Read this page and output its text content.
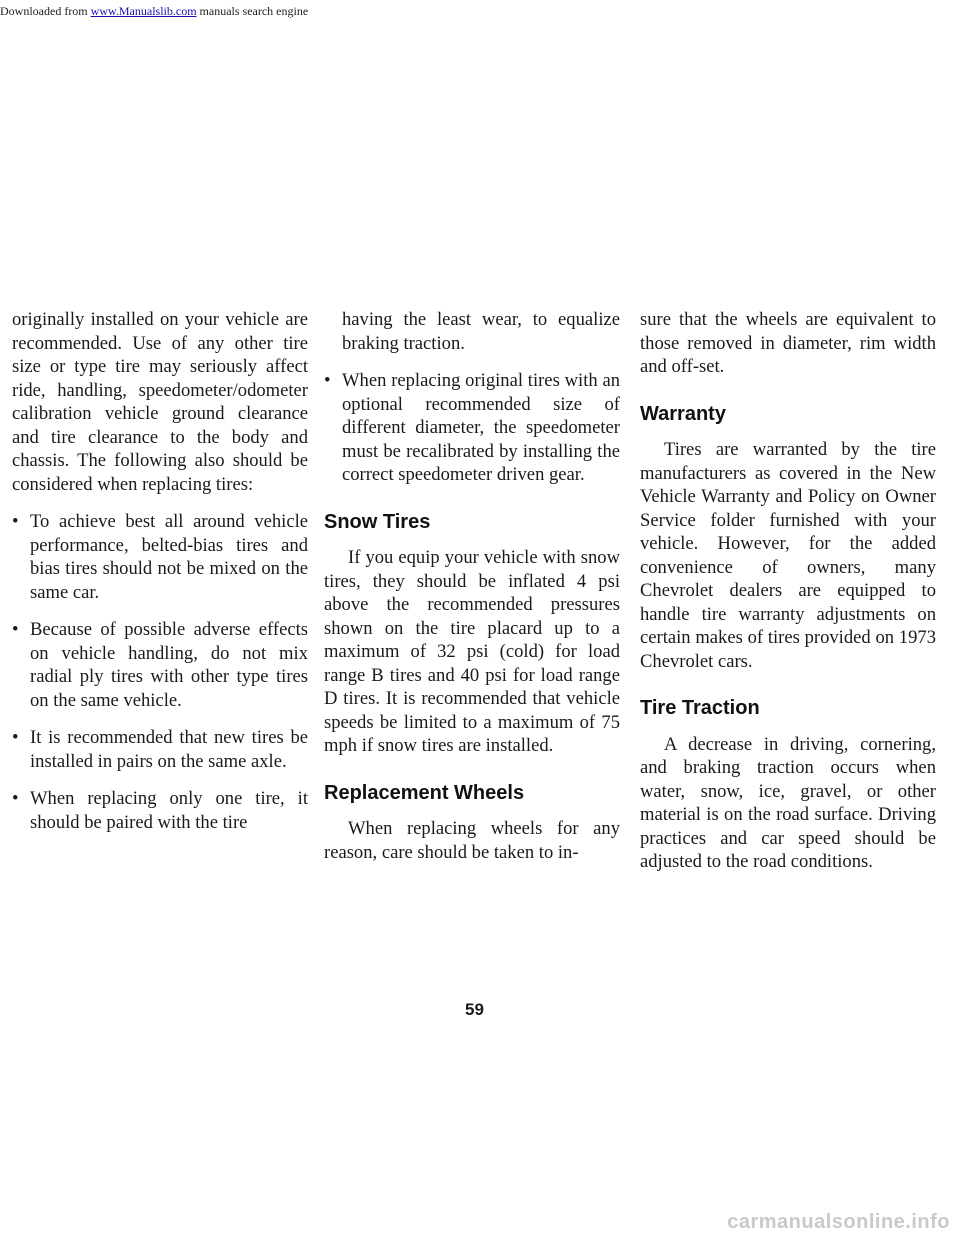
Downloaded from www.Manualslib.com manuals search engine

originally installed on your vehicle are recommended. Use of any other tire size or type tire may seriously affect ride, handling, speedometer/odometer calibration vehicle ground clearance and tire clearance to the body and chassis. The following also should be considered when replacing tires:

• To achieve best all around vehicle performance, belted-bias tires and bias tires should not be mixed on the same car.
• Because of possible adverse effects on vehicle handling, do not mix radial ply tires with other type tires on the same vehicle.
• It is recommended that new tires be installed in pairs on the same axle.
• When replacing only one tire, it should be paired with the tire
having the least wear, to equalize braking traction.
• When replacing original tires with an optional recommended size of different diameter, the speedometer must be recalibrated by installing the correct speedometer driven gear.
Snow Tires

If you equip your vehicle with snow tires, they should be inflated 4 psi above the recommended pressures shown on the tire placard up to a maximum of 32 psi (cold) for load range B tires and 40 psi for load range D tires. It is recommended that vehicle speeds be limited to a maximum of 75 mph if snow tires are installed.

Replacement Wheels

When replacing wheels for any reason, care should be taken to in-

sure that the wheels are equivalent to those removed in diameter, rim width and off-set.

Warranty

Tires are warranted by the tire manufacturers as covered in the New Vehicle Warranty and Policy on Owner Service folder furnished with your vehicle. However, for the added convenience of owners, many Chevrolet dealers are equipped to handle tire warranty adjustments on certain makes of tires provided on 1973 Chevrolet cars.

Tire Traction

A decrease in driving, cornering, and braking traction occurs when water, snow, ice, gravel, or other material is on the road surface. Driving practices and car speed should be adjusted to the road conditions.

59
carmanualsonline.info
